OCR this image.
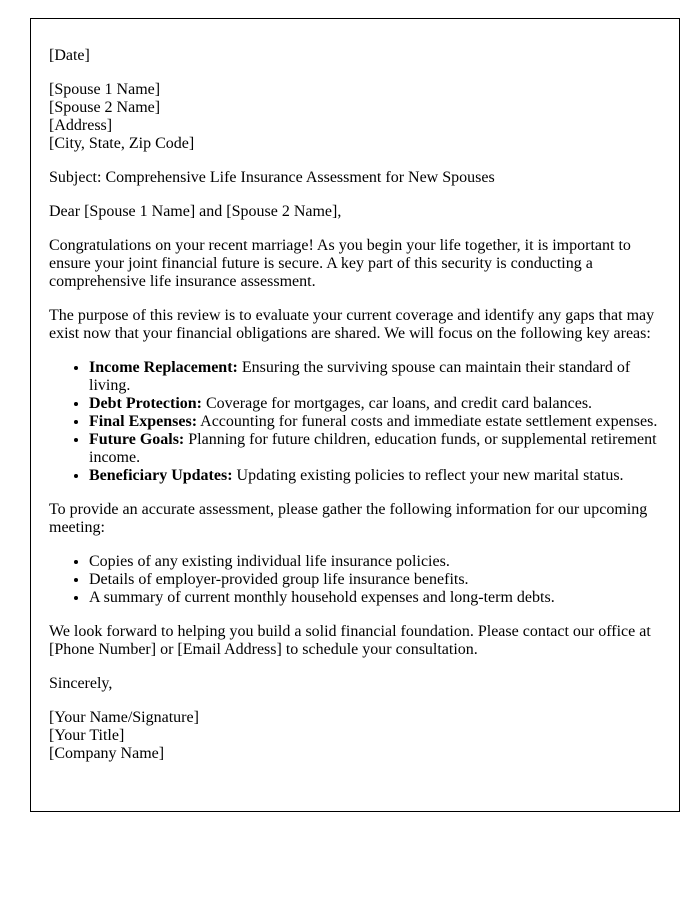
[Date]
[Spouse 1 Name]
[Spouse 2 Name]
[Address]
[City, State, Zip Code]
Subject: Comprehensive Life Insurance Assessment for New Spouses
Dear [Spouse 1 Name] and [Spouse 2 Name],
Congratulations on your recent marriage! As you begin your life together, it is important to ensure your joint financial future is secure. A key part of this security is conducting a comprehensive life insurance assessment.
The purpose of this review is to evaluate your current coverage and identify any gaps that may exist now that your financial obligations are shared. We will focus on the following key areas:
• Income Replacement: Ensuring the surviving spouse can maintain their standard of living.
• Debt Protection: Coverage for mortgages, car loans, and credit card balances.
• Final Expenses: Accounting for funeral costs and immediate estate settlement expenses.
• Future Goals: Planning for future children, education funds, or supplemental retirement income.
• Beneficiary Updates: Updating existing policies to reflect your new marital status.
To provide an accurate assessment, please gather the following information for our upcoming meeting:
• Copies of any existing individual life insurance policies.
• Details of employer-provided group life insurance benefits.
• A summary of current monthly household expenses and long-term debts.
We look forward to helping you build a solid financial foundation. Please contact our office at [Phone Number] or [Email Address] to schedule your consultation.
Sincerely,
[Your Name/Signature]
[Your Title]
[Company Name]
